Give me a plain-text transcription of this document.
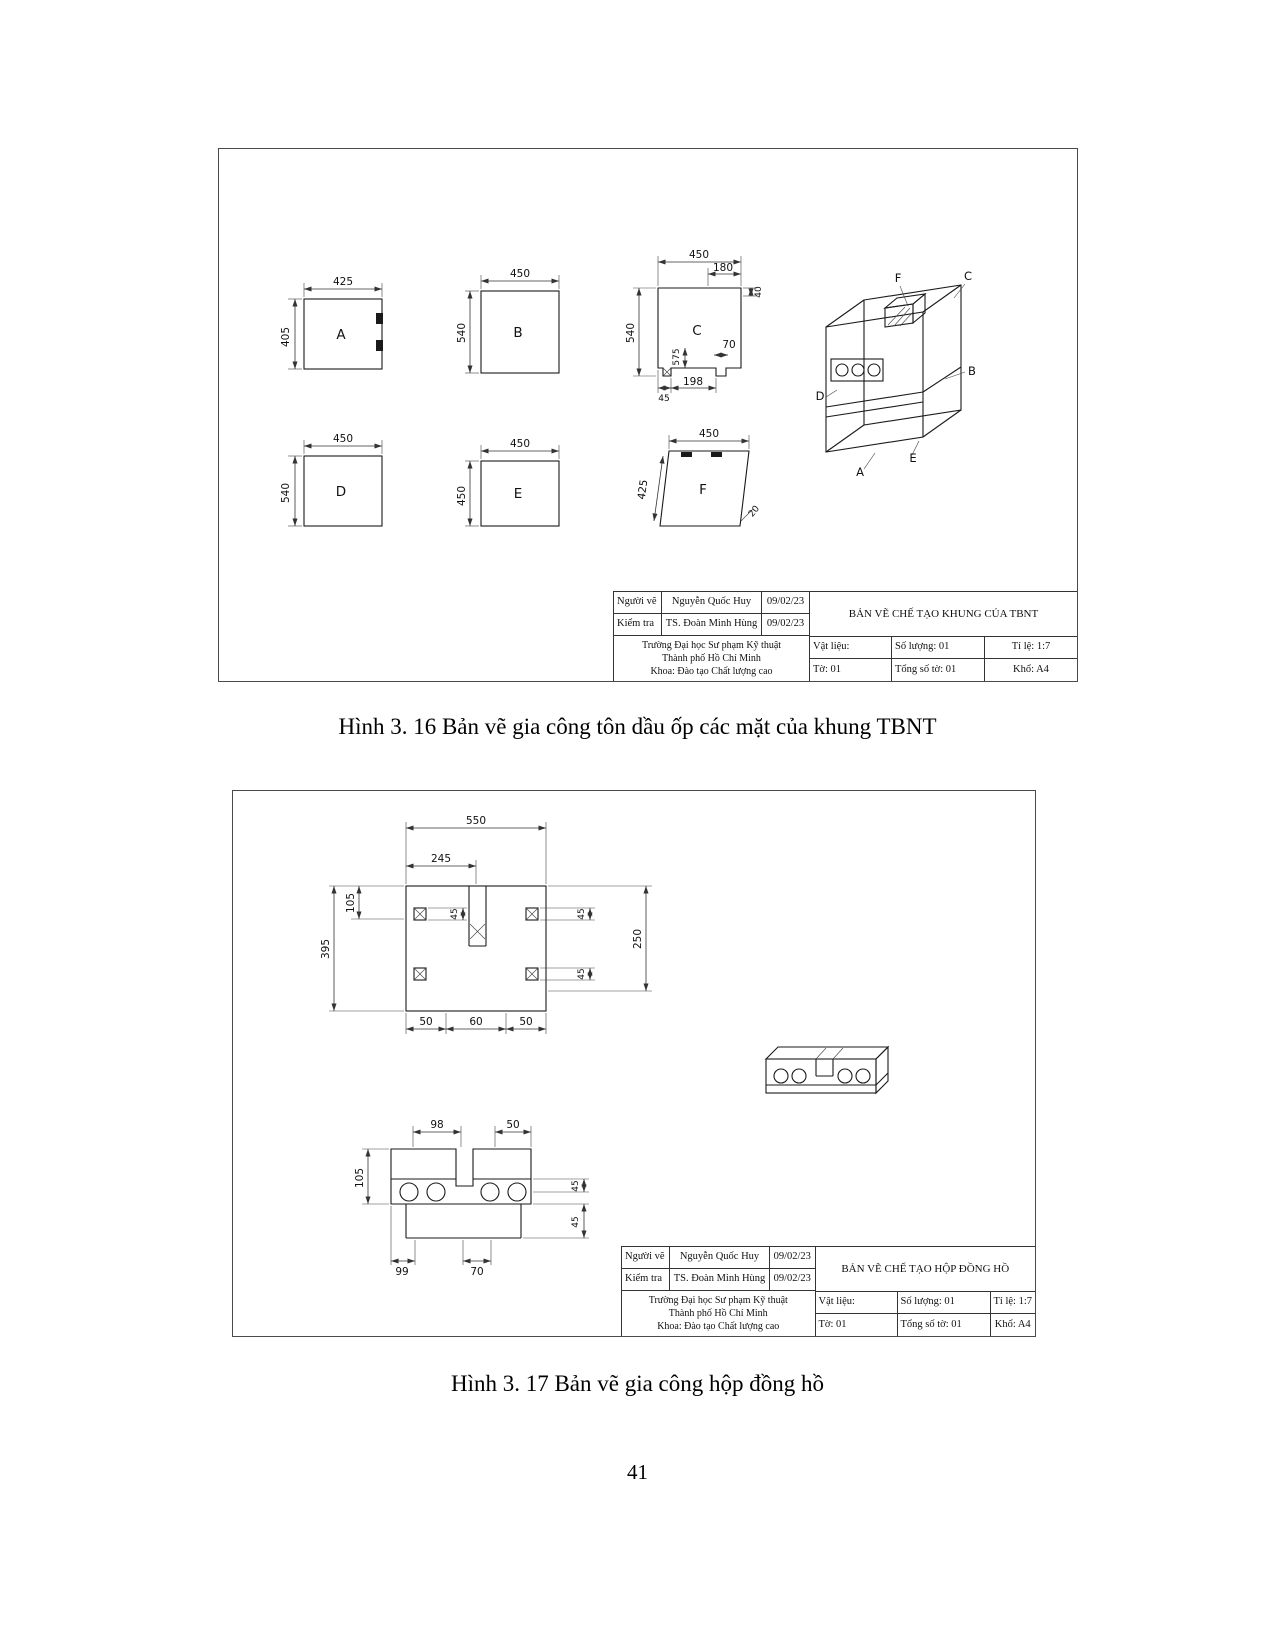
425
405	A
450
540	B
450
180
40
540
70
575
45
198
C
450
540	D
450
450	E
450
425
20
F
F	C
B
D
E
A
Người vẽ	Nguyễn Quốc Huy	09/02/23
Kiểm tra	TS. Đoàn Minh Hùng 09/02/23
Trường Đại học Sư phạm Kỹ thuật
Thành phố Hồ Chí Minh
Khoa: Đào tạo Chất lượng cao
BẢN VẼ CHẾ TẠO KHUNG CỦA TBNT
Vật liệu:	Số lượng: 01	Tỉ lệ: 1:7
Tờ: 01	Tổng số tờ: 01	Khổ: A4
Hình 3. 16 Bản vẽ gia công tôn dầu ốp các mặt của khung TBNT
550
245
105
395
45
250
45
45
50	60	50
98	50
105	45
45
99	70
Người vẽ	Nguyễn Quốc Huy	09/02/23
Kiểm tra	TS. Đoàn Minh Hùng 09/02/23
Trường Đại học Sư phạm Kỹ thuật
Thành phố Hồ Chí Minh
Khoa: Đào tạo Chất lượng cao
BẢN VẼ CHẾ TẠO HỘP ĐỒNG HỒ
Vật liệu:	Số lượng: 01	Tỉ lệ: 1:7
Tờ: 01	Tổng số tờ: 01	Khổ: A4
Hình 3. 17 Bản vẽ gia công hộp đồng hồ
41
